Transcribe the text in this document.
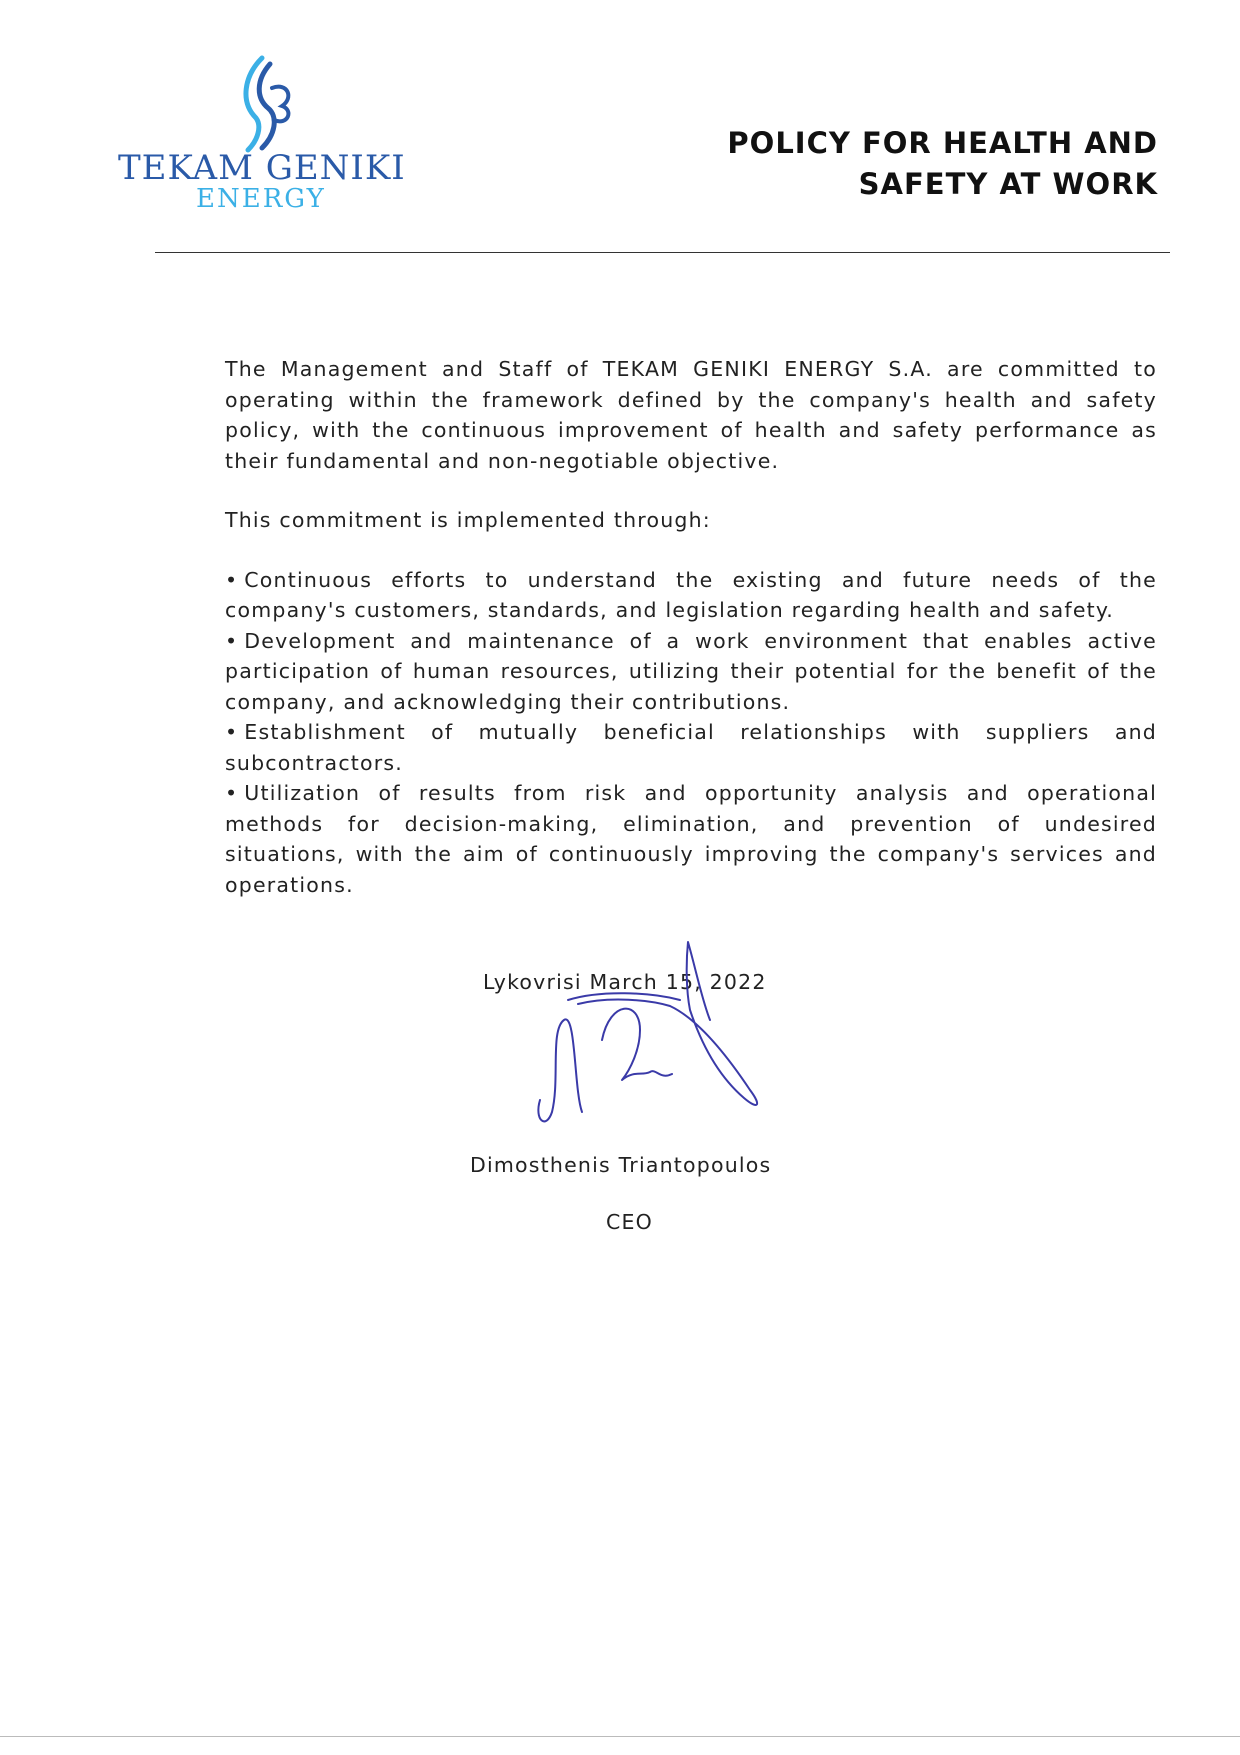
TEKAM GENIKI
ENERGY
POLICY FOR HEALTH AND
SAFETY AT WORK

The Management and Staff of TEKAM GENIKI ENERGY S.A. are committed to operating within the framework defined by the company's health and safety policy, with the continuous improvement of health and safety performance as their fundamental and non-negotiable objective.

This commitment is implemented through:

• Continuous efforts to understand the existing and future needs of the company's customers, standards, and legislation regarding health and safety.

• Development and maintenance of a work environment that enables active participation of human resources, utilizing their potential for the benefit of the company, and acknowledging their contributions.

• Establishment of mutually beneficial relationships with suppliers and subcontractors.

• Utilization of results from risk and opportunity analysis and operational methods for decision-making, elimination, and prevention of undesired situations, with the aim of continuously improving the company's services and operations.

Lykovrisi March 15, 2022
Dimosthenis Triantopoulos
CEO
